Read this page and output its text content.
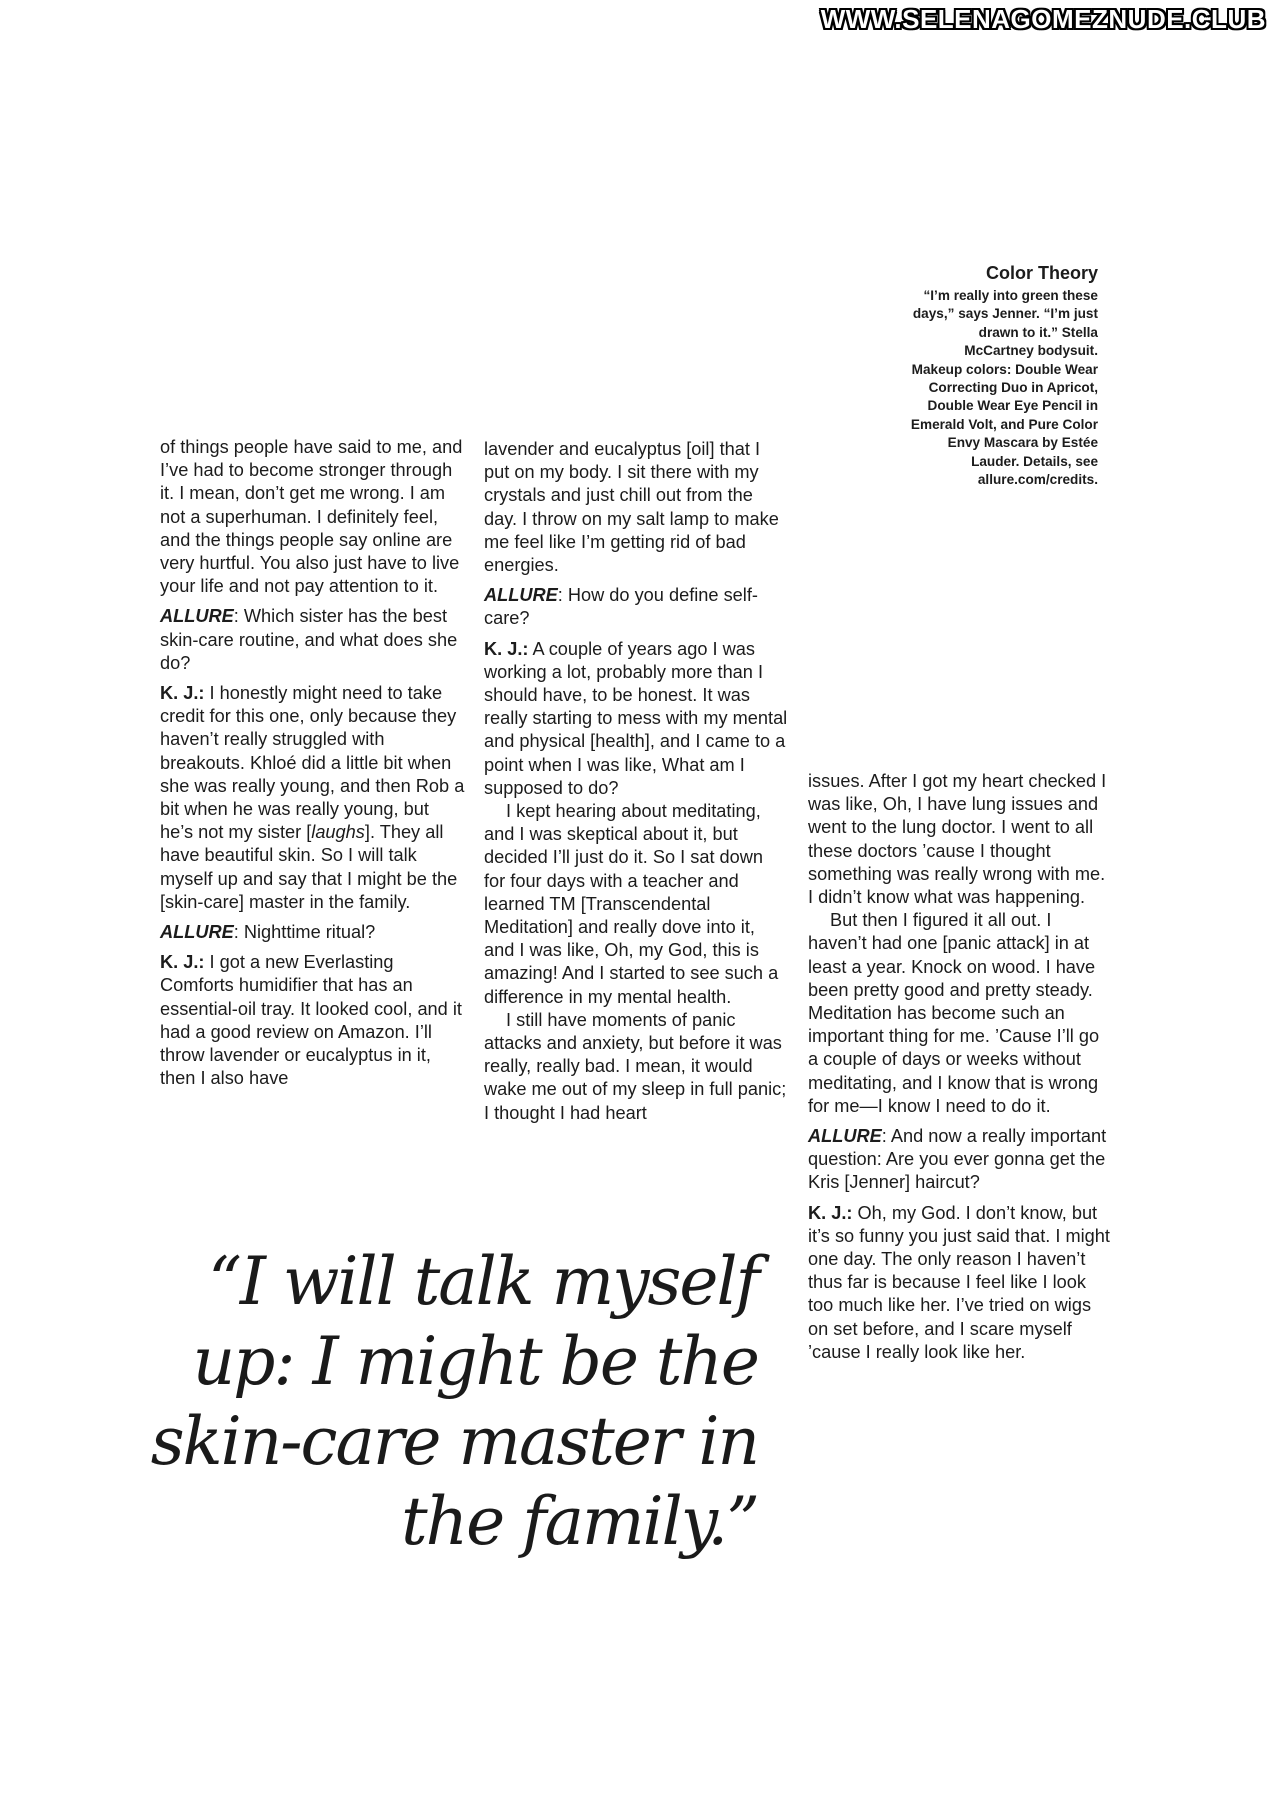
WWW.SELENAGOMEZNUDE.CLUB
Color Theory
“I’m really into green these days,” says Jenner. “I’m just drawn to it.” Stella McCartney bodysuit. Makeup colors: Double Wear Correcting Duo in Apricot, Double Wear Eye Pencil in Emerald Volt, and Pure Color Envy Mascara by Estée Lauder. Details, see allure.com/credits.

of things people have said to me, and I’ve had to become stronger through it. I mean, don’t get me wrong. I am not a superhuman. I definitely feel, and the things people say online are very hurtful. You also just have to live your life and not pay attention to it.

ALLURE: Which sister has the best skin-care routine, and what does she do?

K. J.: I honestly might need to take credit for this one, only because they haven’t really struggled with breakouts. Khloé did a little bit when she was really young, and then Rob a bit when he was really young, but he’s not my sister [laughs]. They all have beautiful skin. So I will talk myself up and say that I might be the [skin-care] master in the family.

ALLURE: Nighttime ritual?

K. J.: I got a new Everlasting Comforts humidifier that has an essential-oil tray. It looked cool, and it had a good review on Amazon. I’ll throw lavender or eucalyptus in it, then I also have

lavender and eucalyptus [oil] that I put on my body. I sit there with my crystals and just chill out from the day. I throw on my salt lamp to make me feel like I’m getting rid of bad energies.

ALLURE: How do you define self-care?

K. J.: A couple of years ago I was working a lot, probably more than I should have, to be honest. It was really starting to mess with my mental and physical [health], and I came to a point when I was like, What am I supposed to do?

I kept hearing about meditating, and I was skeptical about it, but decided I’ll just do it. So I sat down for four days with a teacher and learned TM [Transcendental Meditation] and really dove into it, and I was like, Oh, my God, this is amazing! And I started to see such a difference in my mental health.

I still have moments of panic attacks and anxiety, but before it was really, really bad. I mean, it would wake me out of my sleep in full panic; I thought I had heart

issues. After I got my heart checked I was like, Oh, I have lung issues and went to the lung doctor. I went to all these doctors ’cause I thought something was really wrong with me. I didn’t know what was happening.

But then I figured it all out. I haven’t had one [panic attack] in at least a year. Knock on wood. I have been pretty good and pretty steady. Meditation has become such an important thing for me. ’Cause I’ll go a couple of days or weeks without meditating, and I know that is wrong for me—I know I need to do it.

ALLURE: And now a really important question: Are you ever gonna get the Kris [Jenner] haircut?

K. J.: Oh, my God. I don’t know, but it’s so funny you just said that. I might one day. The only reason I haven’t thus far is because I feel like I look too much like her. I’ve tried on wigs on set before, and I scare myself ’cause I really look like her.

“I will talk myself
up: I might be the
skin-care master in
the family.”
